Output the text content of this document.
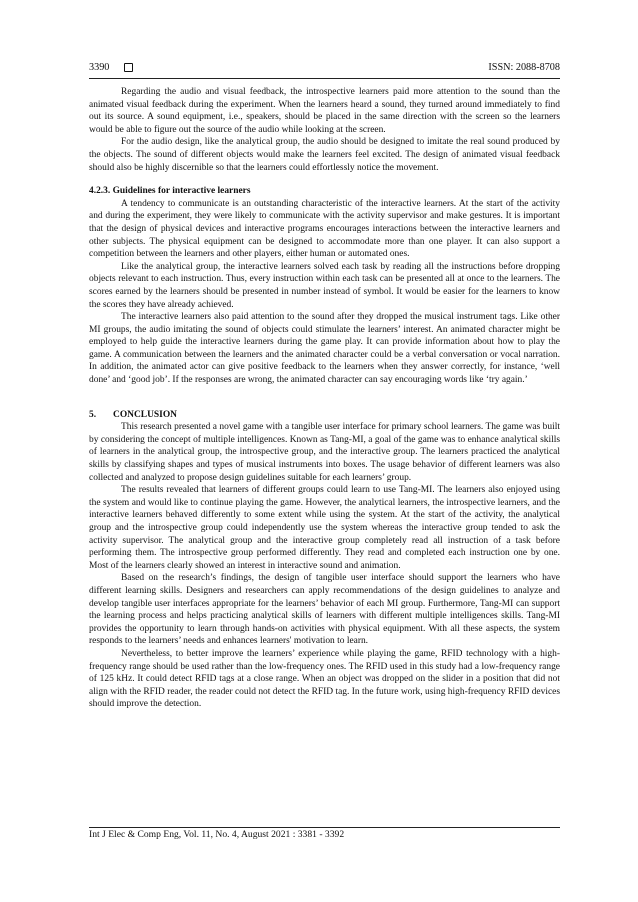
3390	ISSN: 2088-8708

Regarding the audio and visual feedback, the introspective learners paid more attention to the sound than the animated visual feedback during the experiment. When the learners heard a sound, they turned around immediately to find out its source. A sound equipment, i.e., speakers, should be placed in the same direction with the screen so the learners would be able to figure out the source of the audio while looking at the screen.

For the audio design, like the analytical group, the audio should be designed to imitate the real sound produced by the objects. The sound of different objects would make the learners feel excited. The design of animated visual feedback should also be highly discernible so that the learners could effortlessly notice the movement.

4.2.3. Guidelines for interactive learners

A tendency to communicate is an outstanding characteristic of the interactive learners. At the start of the activity and during the experiment, they were likely to communicate with the activity supervisor and make gestures. It is important that the design of physical devices and interactive programs encourages interactions between the interactive learners and other subjects. The physical equipment can be designed to accommodate more than one player. It can also support a competition between the learners and other players, either human or automated ones.

Like the analytical group, the interactive learners solved each task by reading all the instructions before dropping objects relevant to each instruction. Thus, every instruction within each task can be presented all at once to the learners. The scores earned by the learners should be presented in number instead of symbol. It would be easier for the learners to know the scores they have already achieved.

The interactive learners also paid attention to the sound after they dropped the musical instrument tags. Like other MI groups, the audio imitating the sound of objects could stimulate the learners’ interest. An animated character might be employed to help guide the interactive learners during the game play. It can provide information about how to play the game. A communication between the learners and the animated character could be a verbal conversation or vocal narration. In addition, the animated actor can give positive feedback to the learners when they answer correctly, for instance, ‘well done’ and ‘good job’. If the responses are wrong, the animated character can say encouraging words like ‘try again.’

5.	CONCLUSION

This research presented a novel game with a tangible user interface for primary school learners. The game was built by considering the concept of multiple intelligences. Known as Tang-MI, a goal of the game was to enhance analytical skills of learners in the analytical group, the introspective group, and the interactive group. The learners practiced the analytical skills by classifying shapes and types of musical instruments into boxes. The usage behavior of different learners was also collected and analyzed to propose design guidelines suitable for each learners’ group.

The results revealed that learners of different groups could learn to use Tang-MI. The learners also enjoyed using the system and would like to continue playing the game. However, the analytical learners, the introspective learners, and the interactive learners behaved differently to some extent while using the system. At the start of the activity, the analytical group and the introspective group could independently use the system whereas the interactive group tended to ask the activity supervisor. The analytical group and the interactive group completely read all instruction of a task before performing them. The introspective group performed differently. They read and completed each instruction one by one. Most of the learners clearly showed an interest in interactive sound and animation.

Based on the research’s findings, the design of tangible user interface should support the learners who have different learning skills. Designers and researchers can apply recommendations of the design guidelines to analyze and develop tangible user interfaces appropriate for the learners’ behavior of each MI group. Furthermore, Tang-MI can support the learning process and helps practicing analytical skills of learners with different multiple intelligences skills. Tang-MI provides the opportunity to learn through hands-on activities with physical equipment. With all these aspects, the system responds to the learners’ needs and enhances learners' motivation to learn.

Nevertheless, to better improve the learners’ experience while playing the game, RFID technology with a high-frequency range should be used rather than the low-frequency ones. The RFID used in this study had a low-frequency range of 125 kHz. It could detect RFID tags at a close range. When an object was dropped on the slider in a position that did not align with the RFID reader, the reader could not detect the RFID tag. In the future work, using high-frequency RFID devices should improve the detection.

Int J Elec & Comp Eng, Vol. 11, No. 4, August 2021 : 3381 - 3392
